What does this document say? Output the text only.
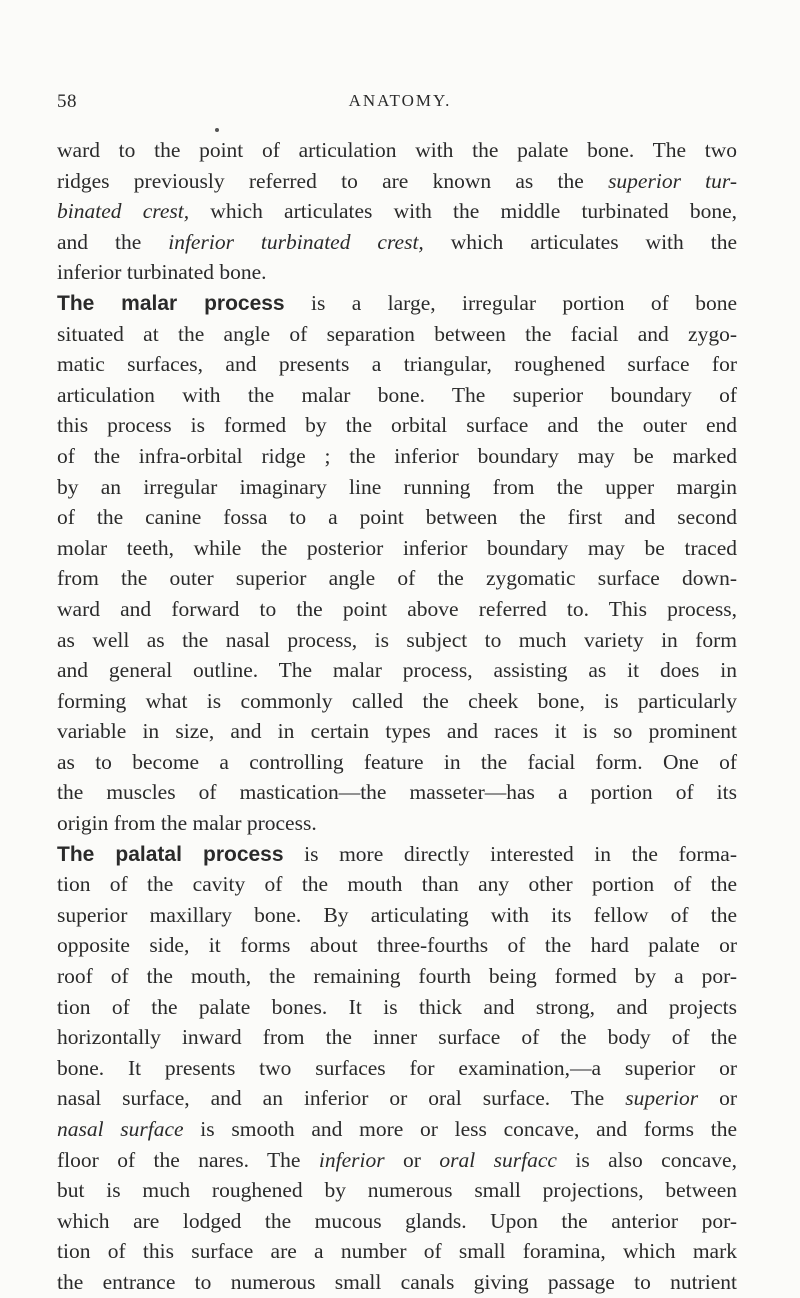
58	ANATOMY.
ward to the point of articulation with the palate bone. The two
ridges previously referred to are known as the superior tur-
binated crest, which articulates with the middle turbinated bone,
and the inferior turbinated crest, which articulates with the
inferior turbinated bone.
The malar process is a large, irregular portion of bone
situated at the angle of separation between the facial and zygo-
matic surfaces, and presents a triangular, roughened surface for
articulation with the malar bone. The superior boundary of
this process is formed by the orbital surface and the outer end
of the infra-orbital ridge ; the inferior boundary may be marked
by an irregular imaginary line running from the upper margin
of the canine fossa to a point between the first and second
molar teeth, while the posterior inferior boundary may be traced
from the outer superior angle of the zygomatic surface down-
ward and forward to the point above referred to. This process,
as well as the nasal process, is subject to much variety in form
and general outline. The malar process, assisting as it does in
forming what is commonly called the cheek bone, is particularly
variable in size, and in certain types and races it is so prominent
as to become a controlling feature in the facial form. One of
the muscles of mastication—the masseter—has a portion of its
origin from the malar process.
The palatal process is more directly interested in the forma-
tion of the cavity of the mouth than any other portion of the
superior maxillary bone. By articulating with its fellow of the
opposite side, it forms about three-fourths of the hard palate or
roof of the mouth, the remaining fourth being formed by a por-
tion of the palate bones. It is thick and strong, and projects
horizontally inward from the inner surface of the body of the
bone. It presents two surfaces for examination,—a superior or
nasal surface, and an inferior or oral surface. The superior or
nasal surface is smooth and more or less concave, and forms the
floor of the nares. The inferior or oral surfacc is also concave,
but is much roughened by numerous small projections, between
which are lodged the mucous glands. Upon the anterior por-
tion of this surface are a number of small foramina, which mark
the entrance to numerous small canals giving passage to nutrient
